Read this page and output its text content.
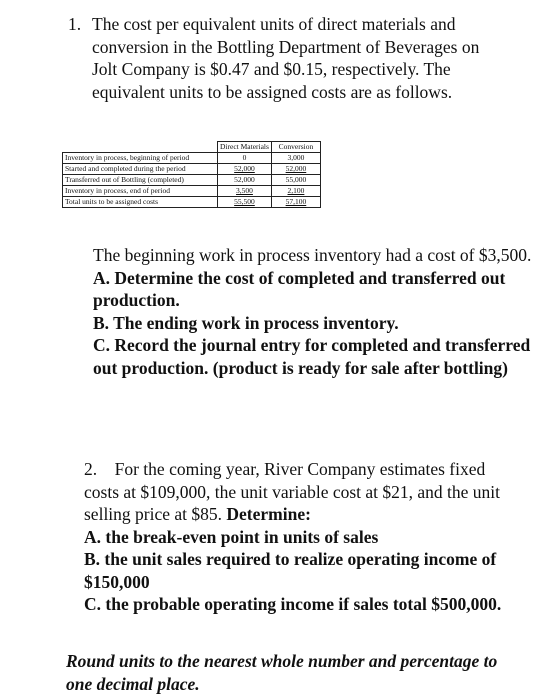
1. The cost per equivalent units of direct materials and conversion in the Bottling Department of Beverages on Jolt Company is $0.47 and $0.15, respectively. The equivalent units to be assigned costs are as follows.

	Direct Materials	Conversion
Inventory in process, beginning of period	0	3,000
Started and completed during the period	52,000	52,000
Transferred out of Bottling (completed)	52,000	55,000
Inventory in process, end of period	3,500	2,100
Total units to be assigned costs	55,500	57,100

The beginning work in process inventory had a cost of $3,500.

A. Determine the cost of completed and transferred out production.

B. The ending work in process inventory.

C. Record the journal entry for completed and transferred out production. (product is ready for sale after bottling)

2. For the coming year, River Company estimates fixed costs at $109,000, the unit variable cost at $21, and the unit selling price at $85. Determine:

A. the break-even point in units of sales

B. the unit sales required to realize operating income of $150,000

C. the probable operating income if sales total $500,000.

Round units to the nearest whole number and percentage to one decimal place.
